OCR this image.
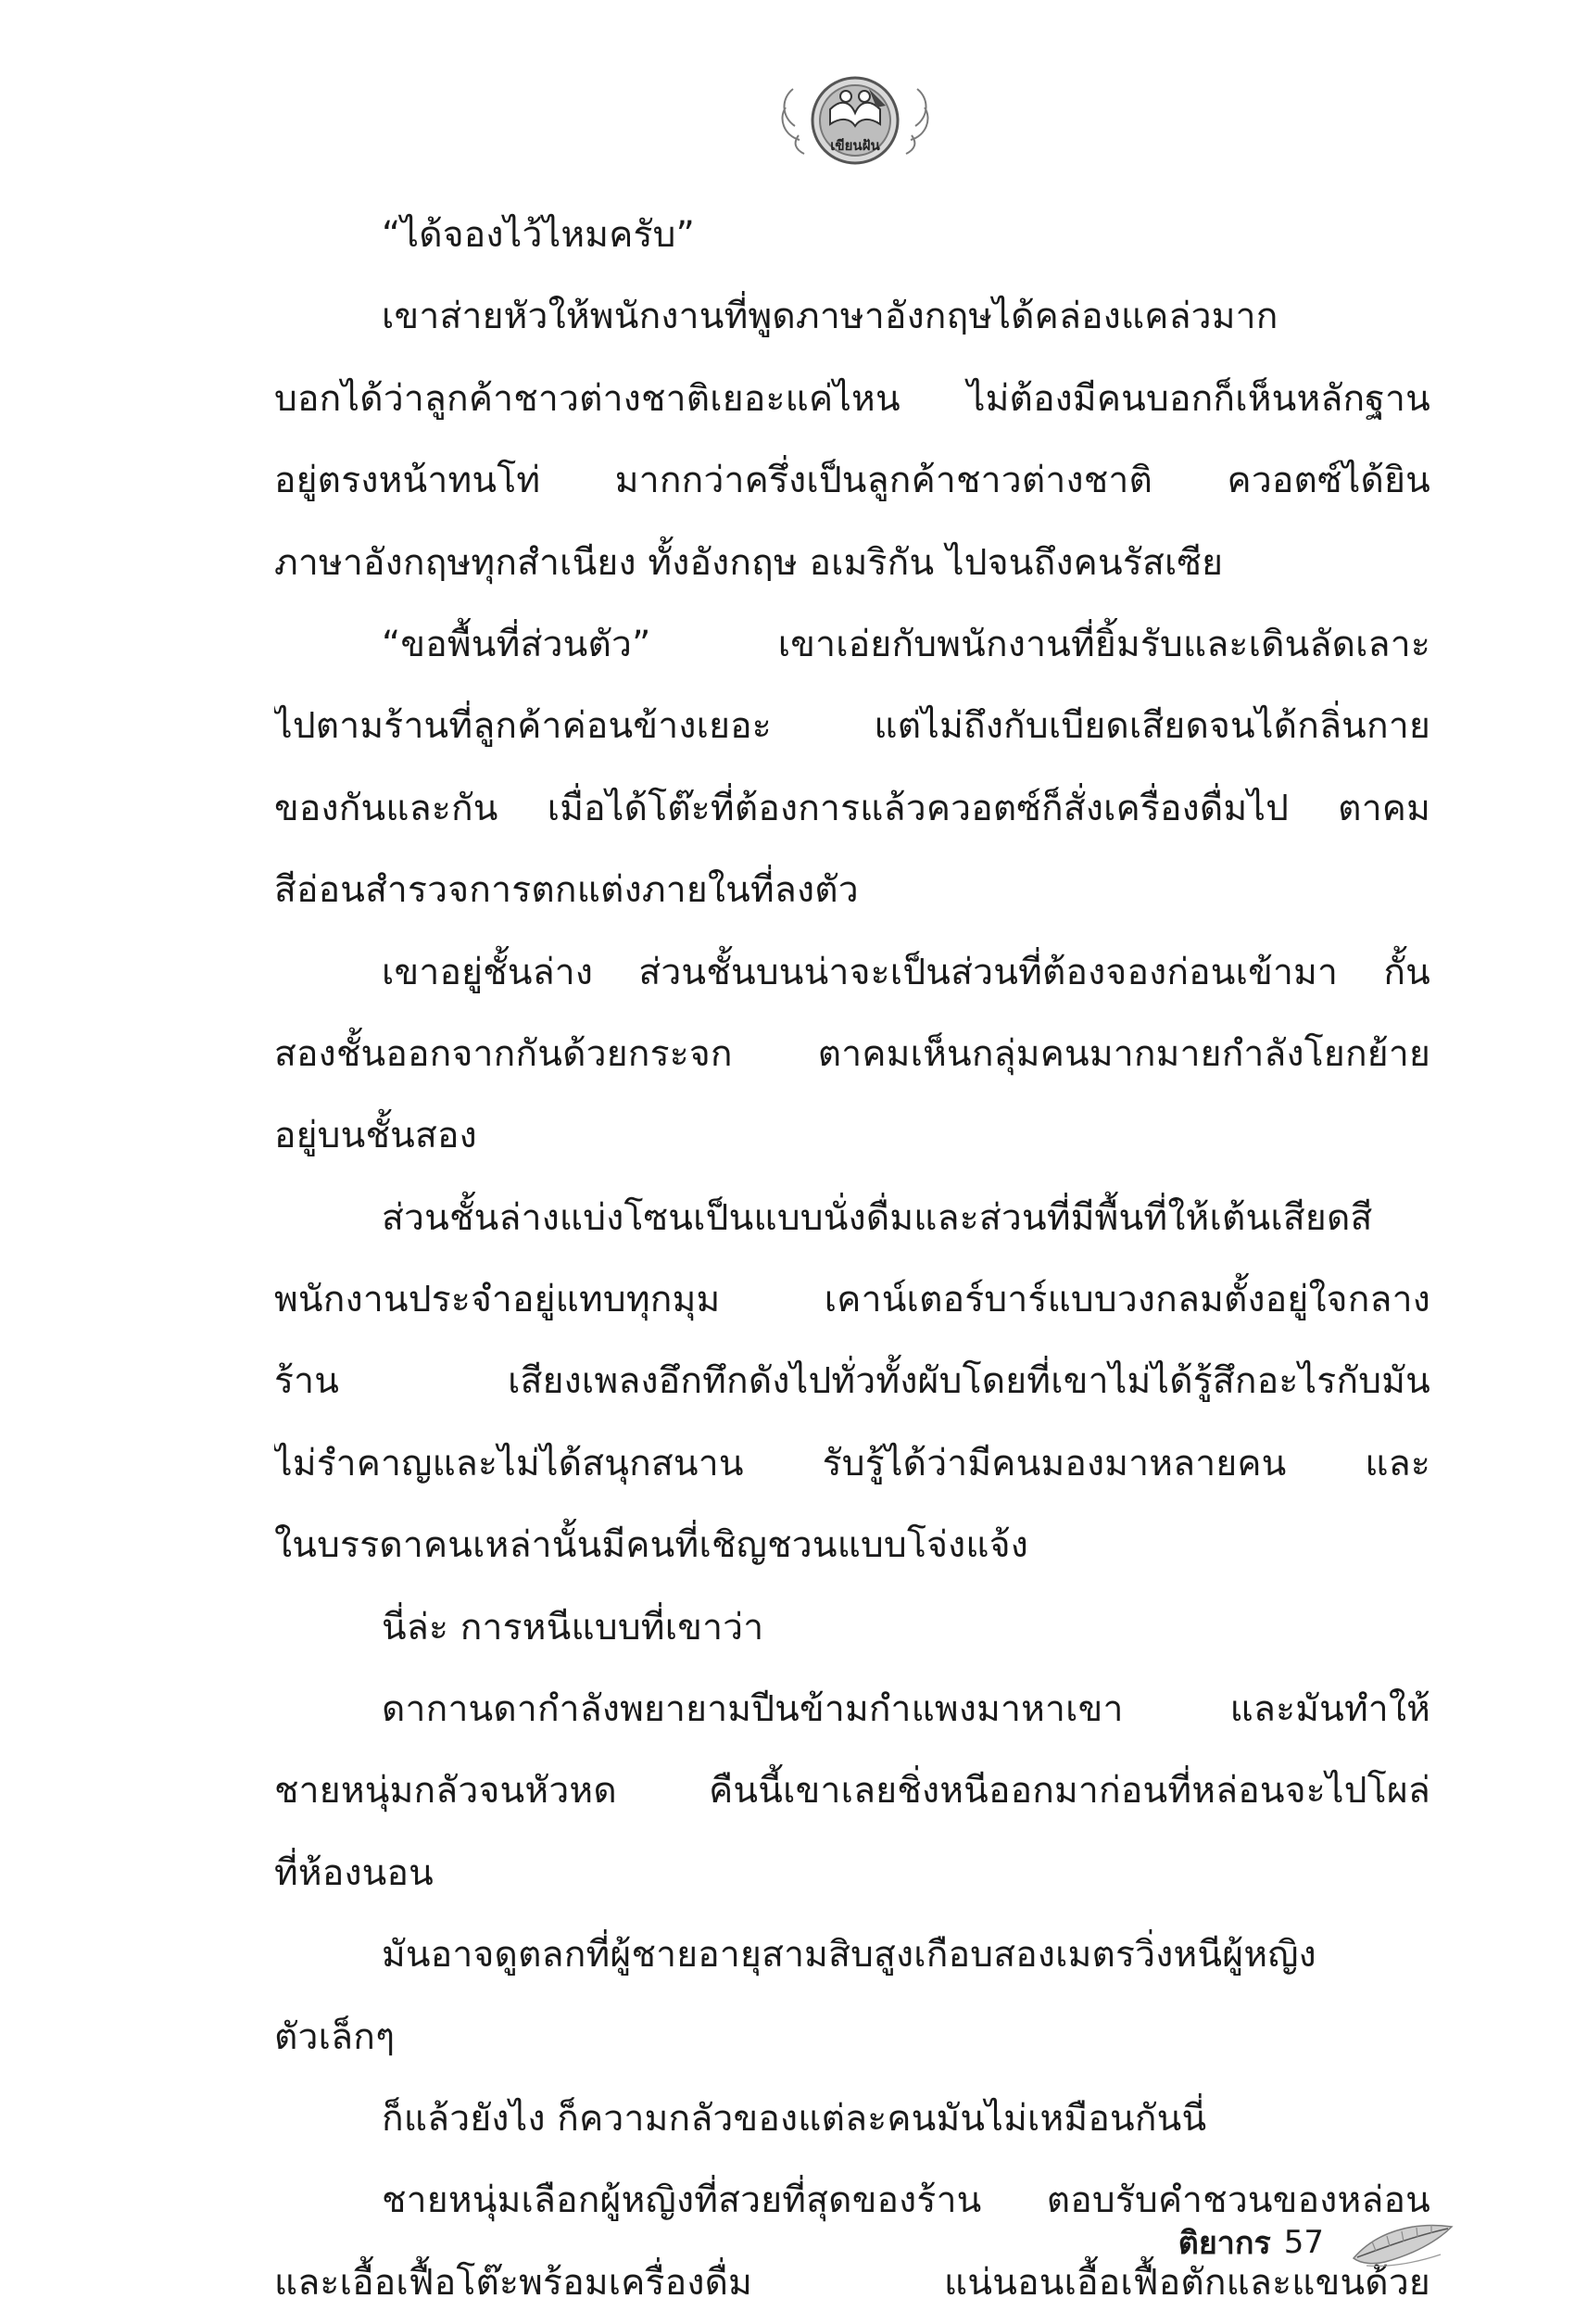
เขียนฝัน
“ได้จองไว้ไหมครับ”
เขาส่ายหัวให้พนักงานที่พูดภาษาอังกฤษได้คล่องแคล่วมาก
บอกได้ว่าลูกค้าชาวต่างชาติเยอะแค่ไหน ไม่ต้องมีคนบอกก็เห็นหลักฐาน
อยู่ตรงหน้าทนโท่ มากกว่าครึ่งเป็นลูกค้าชาวต่างชาติ ควอตซ์ได้ยิน
ภาษาอังกฤษทุกสำเนียง ทั้งอังกฤษ อเมริกัน ไปจนถึงคนรัสเซีย
“ขอพื้นที่ส่วนตัว” เขาเอ่ยกับพนักงานที่ยิ้มรับและเดินลัดเลาะ
ไปตามร้านที่ลูกค้าค่อนข้างเยอะ แต่ไม่ถึงกับเบียดเสียดจนได้กลิ่นกาย
ของกันและกัน เมื่อได้โต๊ะที่ต้องการแล้วควอตซ์ก็สั่งเครื่องดื่มไป ตาคม
สีอ่อนสำรวจการตกแต่งภายในที่ลงตัว
เขาอยู่ชั้นล่าง ส่วนชั้นบนน่าจะเป็นส่วนที่ต้องจองก่อนเข้ามา กั้น
สองชั้นออกจากกันด้วยกระจก ตาคมเห็นกลุ่มคนมากมายกำลังโยกย้าย
อยู่บนชั้นสอง
ส่วนชั้นล่างแบ่งโซนเป็นแบบนั่งดื่มและส่วนที่มีพื้นที่ให้เต้นเสียดสี
พนักงานประจำอยู่แทบทุกมุม เคาน์เตอร์บาร์แบบวงกลมตั้งอยู่ใจกลาง
ร้าน เสียงเพลงอึกทึกดังไปทั่วทั้งผับโดยที่เขาไม่ได้รู้สึกอะไรกับมัน
ไม่รำคาญและไม่ได้สนุกสนาน รับรู้ได้ว่ามีคนมองมาหลายคน และ
ในบรรดาคนเหล่านั้นมีคนที่เชิญชวนแบบโจ่งแจ้ง
นี่ล่ะ การหนีแบบที่เขาว่า
ดากานดากำลังพยายามปีนข้ามกำแพงมาหาเขา และมันทำให้
ชายหนุ่มกลัวจนหัวหด คืนนี้เขาเลยชิ่งหนีออกมาก่อนที่หล่อนจะไปโผล่
ที่ห้องนอน
มันอาจดูตลกที่ผู้ชายอายุสามสิบสูงเกือบสองเมตรวิ่งหนีผู้หญิง
ตัวเล็กๆ
ก็แล้วยังไง ก็ความกลัวของแต่ละคนมันไม่เหมือนกันนี่
ชายหนุ่มเลือกผู้หญิงที่สวยที่สุดของร้าน ตอบรับคำชวนของหล่อน
และเอื้อเฟื้อโต๊ะพร้อมเครื่องดื่ม แน่นอนเอื้อเฟื้อตักและแขนด้วย
ติยากร 57
